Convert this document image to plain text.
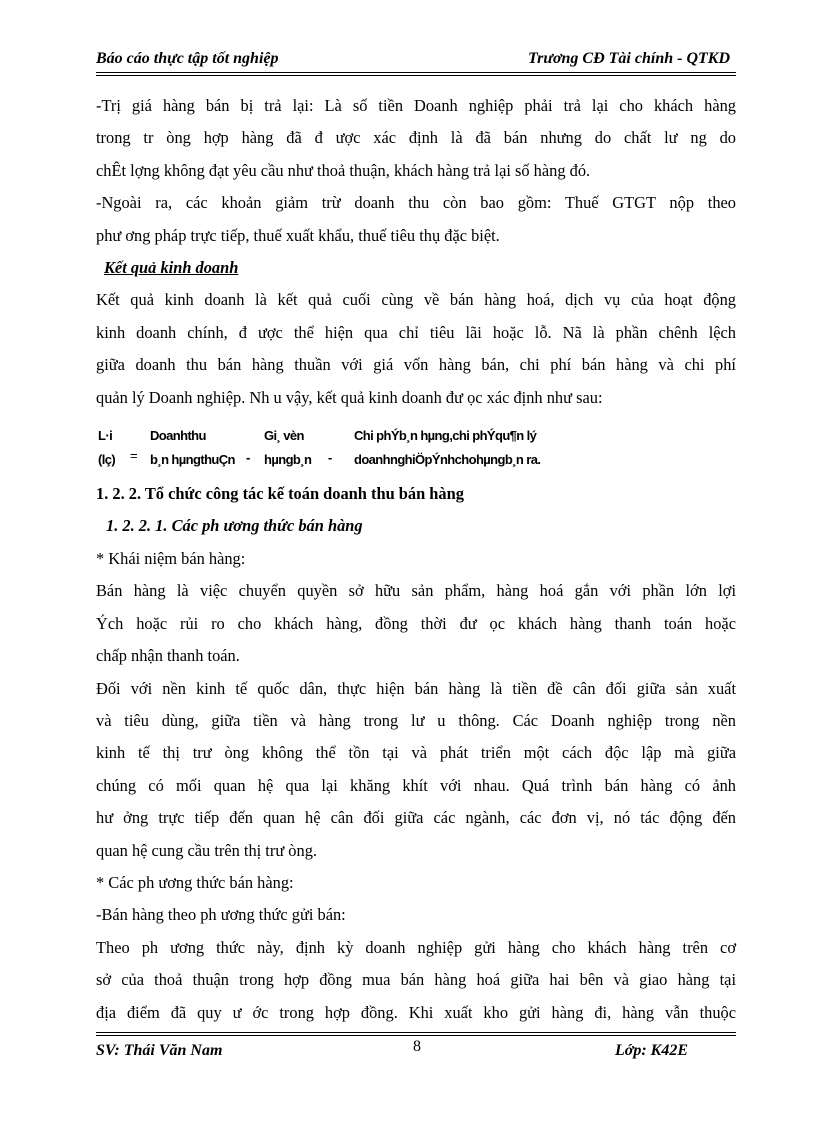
Báo cáo thực tập tốt nghiệp	Trương CĐ Tài chính - QTKD

-Trị giá hàng bán bị trả lại: Là số tiền Doanh nghiệp phải trả lại cho khách hàng

trong tr òng hợp hàng đã đ ược xác định là đã bán nhưng do chất lư ng do

chÊt lợng không đạt yêu cầu như thoả thuận, khách hàng trả lại số hàng đó.

-Ngoài ra, các khoản giảm trừ doanh thu còn bao gồm: Thuế GTGT nộp theo

phư ơng pháp trực tiếp, thuế xuất khẩu, thuế tiêu thụ đặc biệt.

Kết quả kinh doanh

Kết quả kinh doanh là kết quả cuối cùng về bán hàng hoá, dịch vụ của hoạt động

kinh doanh chính, đ ược thể hiện qua chỉ tiêu lãi hoặc lỗ. Nã là phần chênh lệch

giữa doanh thu bán hàng thuần với giá vốn hàng bán, chi phí bán hàng và chi phí

quản lý Doanh nghiệp. Nh u vậy, kết quả kinh doanh đư ọc xác định như sau:

L·i	Doanhthu	Gi¸ vèn	Chi phÝb¸n hµng,chi phÝqu¶n lý
(lç) = b¸n hµngthuÇn - hµngb¸n - doanhnghiÖpÝnhchohµngb¸n ra.

1. 2. 2. Tổ chức công tác kế toán doanh thu bán hàng

1. 2. 2. 1. Các ph ương thức bán hàng

* Khái niệm bán hàng:

Bán hàng là việc chuyển quyền sở hữu sản phẩm, hàng hoá gắn với phần lớn lợi

Ých hoặc rủi ro cho khách hàng, đồng thời đư ọc khách hàng thanh toán hoặc

chấp nhận thanh toán.

Đối với nền kinh tế quốc dân, thực hiện bán hàng là tiền đề cân đối giữa sản xuất

và tiêu dùng, giữa tiền và hàng trong lư u thông. Các Doanh nghiệp trong nền

kinh tế thị trư òng không thể tồn tại và phát triển một cách độc lập mà giữa

chúng có mối quan hệ qua lại khăng khít với nhau. Quá trình bán hàng có ảnh

hư ởng trực tiếp đến quan hệ cân đối giữa các ngành, các đơn vị, nó tác động đến

quan hệ cung cầu trên thị trư òng.

* Các ph ương thức bán hàng:

-Bán hàng theo ph ương thức gửi bán:

Theo ph ương thức này, định kỳ doanh nghiệp gửi hàng cho khách hàng trên cơ

sở của thoả thuận trong hợp đồng mua bán hàng hoá giữa hai bên và giao hàng tại

địa điểm đã quy ư ớc trong hợp đồng. Khi xuất kho gửi hàng đi, hàng vẫn thuộc

SV: Thái Văn Nam	8	Lớp: K42E
